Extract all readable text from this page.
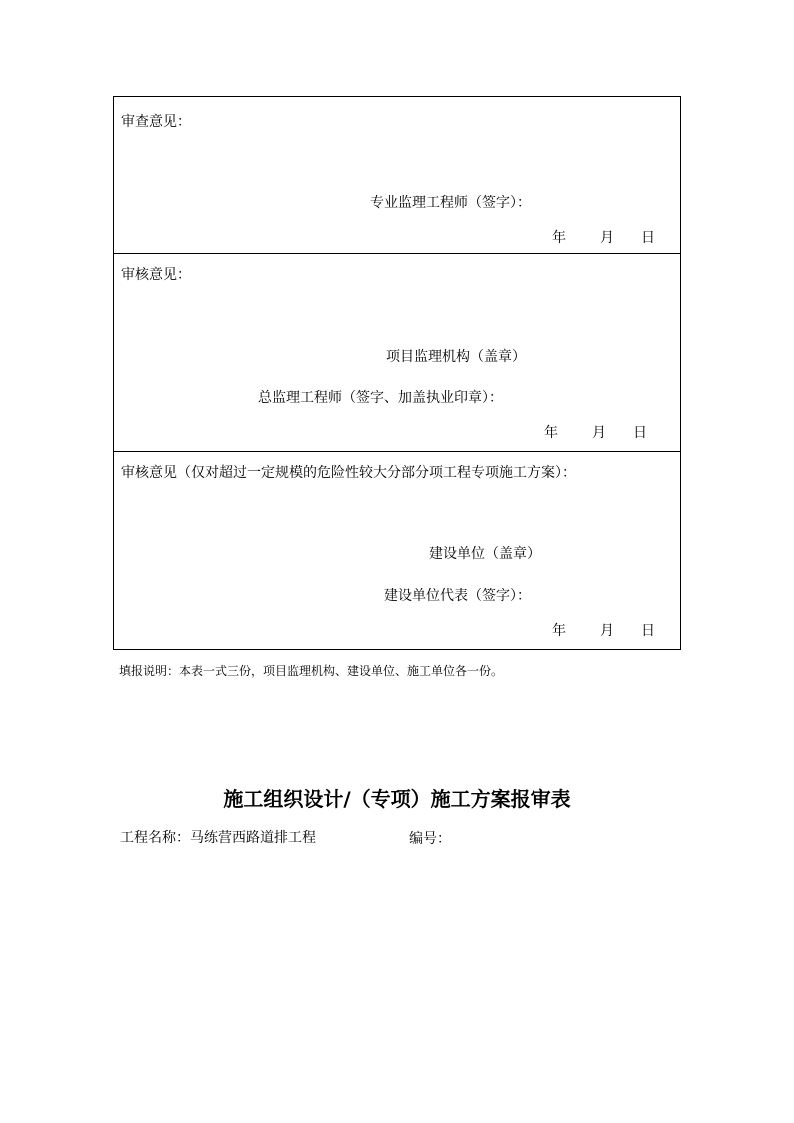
审查意见：
专业监理工程师（签字）：
年 月 日
审核意见：
项目监理机构（盖章）
总监理工程师（签字、加盖执业印章）：
年 月 日
审核意见（仅对超过一定规模的危险性较大分部分项工程专项施工方案）：
建设单位（盖章）
建设单位代表（签字）：
年 月 日
填报说明：本表一式三份，项目监理机构、建设单位、施工单位各一份。
施工组织设计/（专项）施工方案报审表
工程名称：马练营西路道排工程	编号：
